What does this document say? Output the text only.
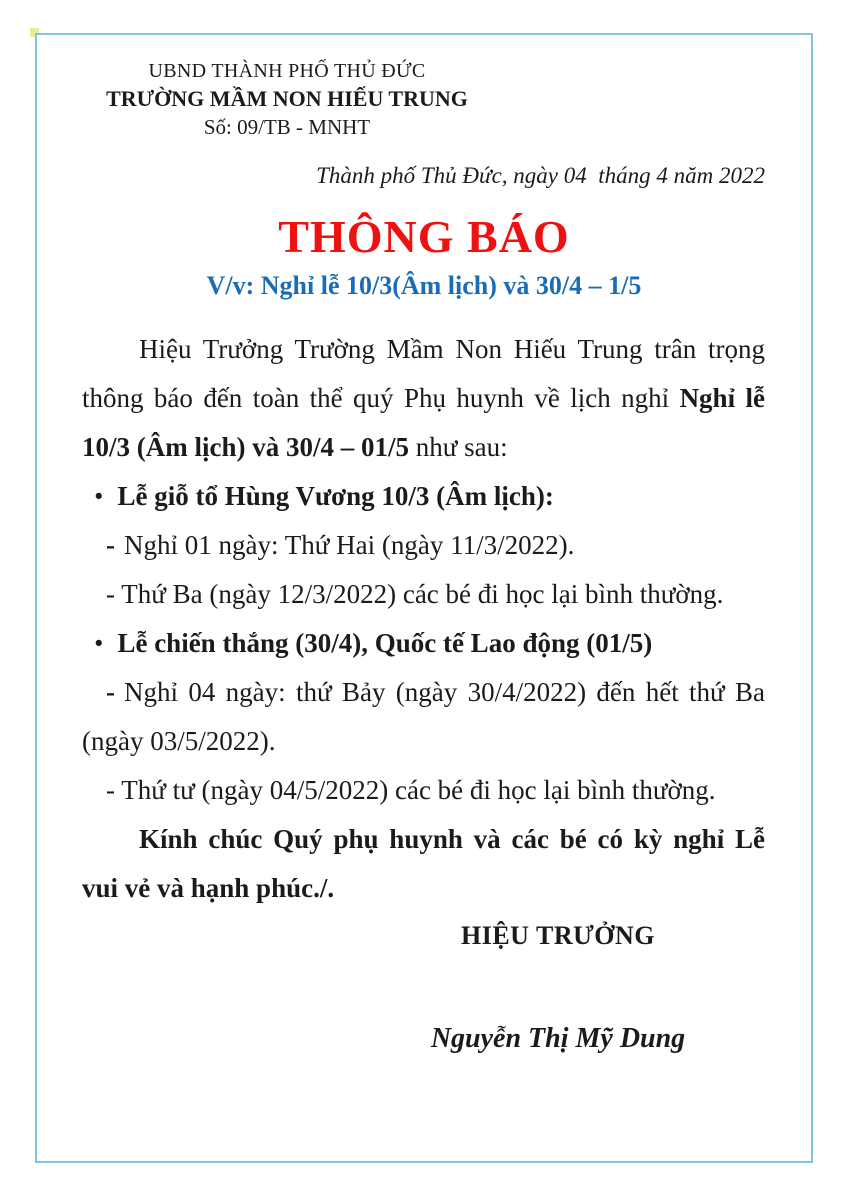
UBND THÀNH PHỐ THỦ ĐỨC
TRƯỜNG MẦM NON HIẾU TRUNG
Số: 09/TB - MNHT
Thành phố Thủ Đức, ngày 04  tháng 4 năm 2022
THÔNG BÁO
V/v: Nghỉ lễ 10/3(Âm lịch) và 30/4 – 1/5
Hiệu Trưởng Trường Mầm Non Hiếu Trung trân trọng
thông báo đến toàn thể quý Phụ huynh về lịch nghỉ Nghỉ lễ
10/3 (Âm lịch) và 30/4 – 01/5 như sau:
• Lễ giỗ tổ Hùng Vương 10/3 (Âm lịch):
- Nghỉ 01 ngày: Thứ Hai (ngày 11/3/2022).
- Thứ Ba (ngày 12/3/2022) các bé đi học lại bình thường.
• Lễ chiến thắng (30/4), Quốc tế Lao động (01/5)
- Nghỉ 04 ngày: thứ Bảy (ngày 30/4/2022) đến hết thứ Ba
(ngày 03/5/2022).
- Thứ tư (ngày 04/5/2022) các bé đi học lại bình thường.
Kính chúc Quý phụ huynh và các bé có kỳ nghỉ Lễ
vui vẻ và hạnh phúc./.
HIỆU TRƯỞNG
Nguyễn Thị Mỹ Dung
